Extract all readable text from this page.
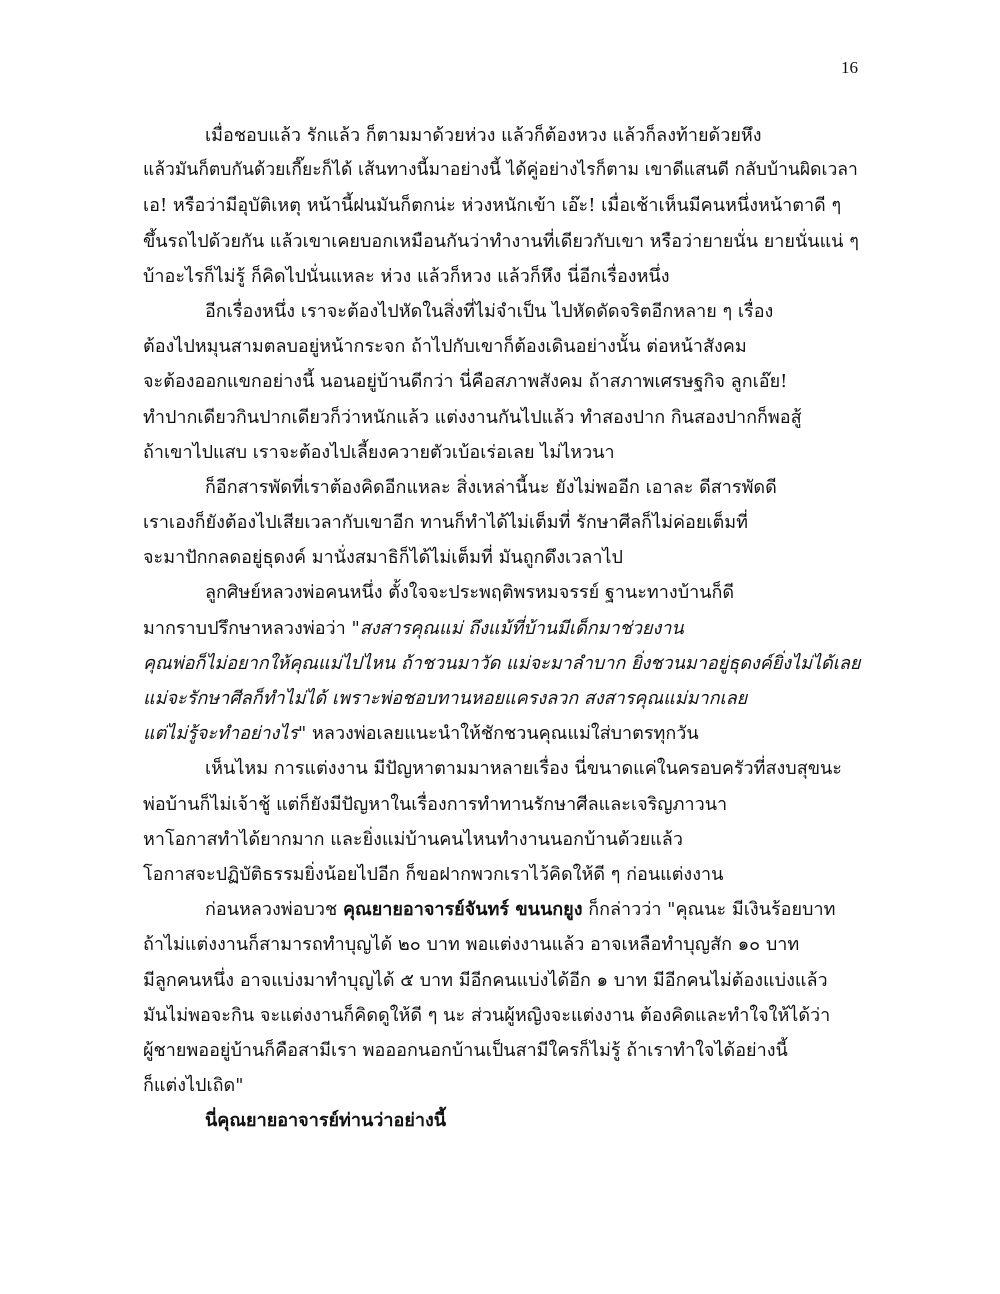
16
เมื่อชอบแล้ว รักแล้ว ก็ตามมาด้วยห่วง แล้วก็ต้องหวง แล้วก็ลงท้ายด้วยหึง
แล้วมันก็ตบกันด้วยเกี๊ยะก็ได้ เส้นทางนี้มาอย่างนี้ ได้คู่อย่างไรก็ตาม เขาดีแสนดี กลับบ้านผิดเวลา
เอ! หรือว่ามีอุบัติเหตุ หน้านี้ฝนมันก็ตกน่ะ ห่วงหนักเข้า เอ๊ะ! เมื่อเช้าเห็นมีคนหนึ่งหน้าตาดี ๆ
ขึ้นรถไปด้วยกัน แล้วเขาเคยบอกเหมือนกันว่าทำงานที่เดียวกับเขา หรือว่ายายนั่น ยายนั่นแน่ ๆ
บ้าอะไรก็ไม่รู้ ก็คิดไปนั่นแหละ ห่วง แล้วก็หวง แล้วก็หึง นี่อีกเรื่องหนึ่ง
อีกเรื่องหนึ่ง เราจะต้องไปหัดในสิ่งที่ไม่จำเป็น ไปหัดดัดจริตอีกหลาย ๆ เรื่อง
ต้องไปหมุนสามตลบอยู่หน้ากระจก ถ้าไปกับเขาก็ต้องเดินอย่างนั้น ต่อหน้าสังคม
จะต้องออกแขกอย่างนี้ นอนอยู่บ้านดีกว่า นี่คือสภาพสังคม ถ้าสภาพเศรษฐกิจ ลูกเอ๊ย!
ทำปากเดียวกินปากเดียวก็ว่าหนักแล้ว แต่งงานกันไปแล้ว ทำสองปาก กินสองปากก็พอสู้
ถ้าเขาไปแสบ เราจะต้องไปเลี้ยงควายตัวเบ้อเร่อเลย ไม่ไหวนา
ก็อีกสารพัดที่เราต้องคิดอีกแหละ สิ่งเหล่านี้นะ ยังไม่พออีก เอาละ ดีสารพัดดี
เราเองก็ยังต้องไปเสียเวลากับเขาอีก ทานก็ทำได้ไม่เต็มที่ รักษาศีลก็ไม่ค่อยเต็มที่
จะมาปักกลดอยู่ธุดงค์ มานั่งสมาธิก็ได้ไม่เต็มที่ มันถูกดึงเวลาไป
ลูกศิษย์หลวงพ่อคนหนึ่ง ตั้งใจจะประพฤติพรหมจรรย์ ฐานะทางบ้านก็ดี
มากราบปรึกษาหลวงพ่อว่า "สงสารคุณแม่ ถึงแม้ที่บ้านมีเด็กมาช่วยงาน
คุณพ่อก็ไม่อยากให้คุณแม่ไปไหน ถ้าชวนมาวัด แม่จะมาลำบาก ยิ่งชวนมาอยู่ธุดงค์ยิ่งไม่ได้เลย
แม่จะรักษาศีลก็ทำไม่ได้ เพราะพ่อชอบทานหอยแครงลวก สงสารคุณแม่มากเลย
แต่ไม่รู้จะทำอย่างไร" หลวงพ่อเลยแนะนำให้ชักชวนคุณแม่ใส่บาตรทุกวัน
เห็นไหม การแต่งงาน มีปัญหาตามมาหลายเรื่อง นี่ขนาดแค่ในครอบครัวที่สงบสุขนะ
พ่อบ้านก็ไม่เจ้าชู้ แต่ก็ยังมีปัญหาในเรื่องการทำทานรักษาศีลและเจริญภาวนา
หาโอกาสทำได้ยากมาก และยิ่งแม่บ้านคนไหนทำงานนอกบ้านด้วยแล้ว
โอกาสจะปฏิบัติธรรมยิ่งน้อยไปอีก ก็ขอฝากพวกเราไว้คิดให้ดี ๆ ก่อนแต่งงาน
ก่อนหลวงพ่อบวช คุณยายอาจารย์จันทร์ ขนนกยูง ก็กล่าวว่า "คุณนะ มีเงินร้อยบาท
ถ้าไม่แต่งงานก็สามารถทำบุญได้ ๒๐ บาท พอแต่งงานแล้ว อาจเหลือทำบุญสัก ๑๐ บาท
มีลูกคนหนึ่ง อาจแบ่งมาทำบุญได้ ๕ บาท มีอีกคนแบ่งได้อีก ๑ บาท มีอีกคนไม่ต้องแบ่งแล้ว
มันไม่พอจะกิน จะแต่งงานก็คิดดูให้ดี ๆ นะ ส่วนผู้หญิงจะแต่งงาน ต้องคิดและทำใจให้ได้ว่า
ผู้ชายพออยู่บ้านก็คือสามีเรา พอออกนอกบ้านเป็นสามีใครก็ไม่รู้ ถ้าเราทำใจได้อย่างนี้
ก็แต่งไปเถิด"
นี่คุณยายอาจารย์ท่านว่าอย่างนี้
